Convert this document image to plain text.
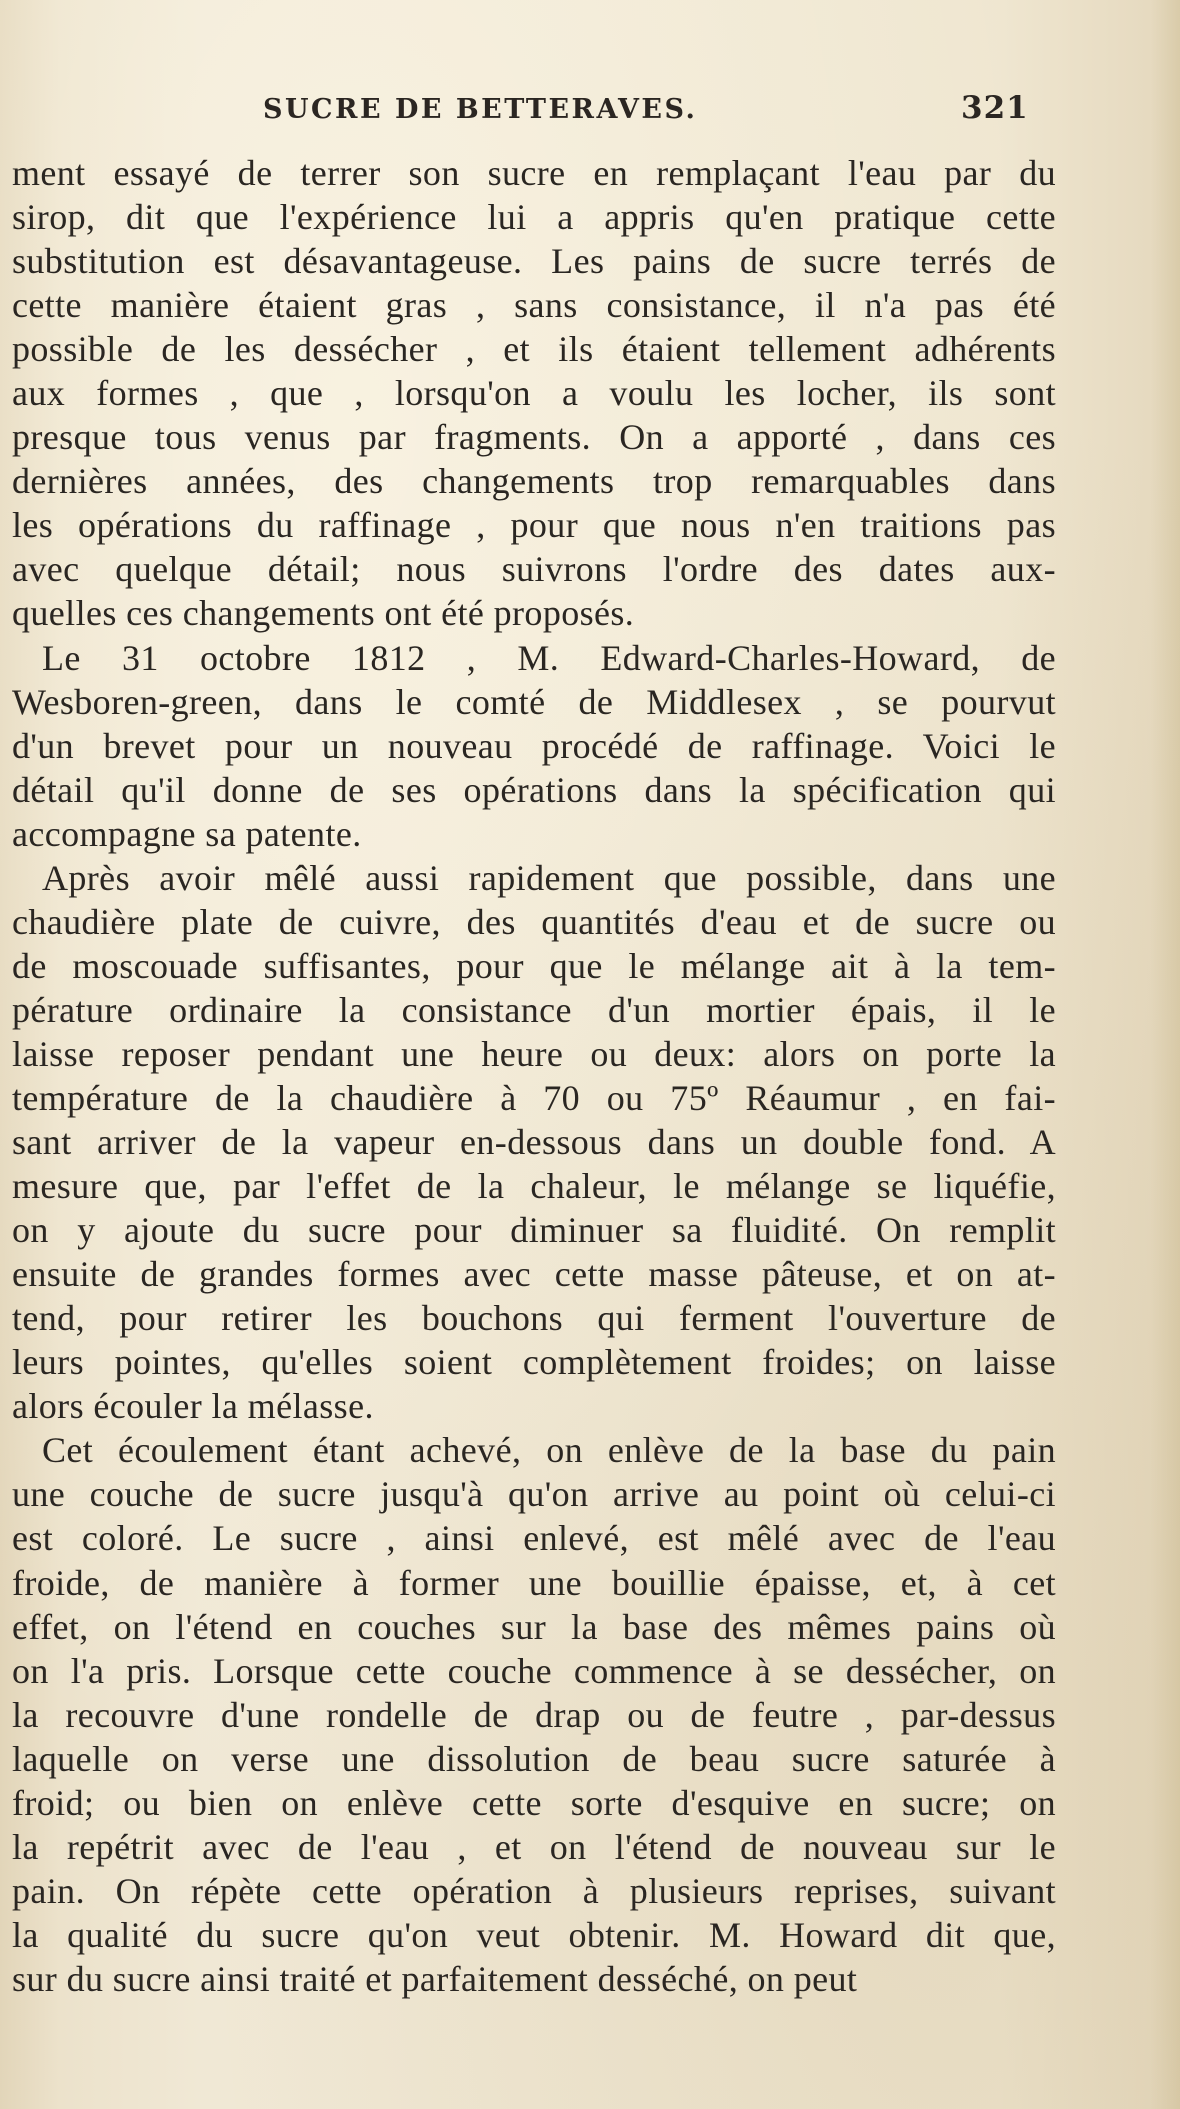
SUCRE DE BETTERAVES.	321
ment essayé de terrer son sucre en remplaçant l'eau par du
sirop, dit que l'expérience lui a appris qu'en pratique cette
substitution est désavantageuse. Les pains de sucre terrés de
cette manière étaient gras , sans consistance, il n'a pas été
possible de les dessécher , et ils étaient tellement adhérents
aux formes , que , lorsqu'on a voulu les locher, ils sont
presque tous venus par fragments. On a apporté , dans ces
dernières années, des changements trop remarquables dans
les opérations du raffinage , pour que nous n'en traitions pas
avec quelque détail; nous suivrons l'ordre des dates aux-
quelles ces changements ont été proposés.
Le 31 octobre 1812 , M. Edward-Charles-Howard, de
Wesboren-green, dans le comté de Middlesex , se pourvut
d'un brevet pour un nouveau procédé de raffinage. Voici le
détail qu'il donne de ses opérations dans la spécification qui
accompagne sa patente.
Après avoir mêlé aussi rapidement que possible, dans une
chaudière plate de cuivre, des quantités d'eau et de sucre ou
de moscouade suffisantes, pour que le mélange ait à la tem-
pérature ordinaire la consistance d'un mortier épais, il le
laisse reposer pendant une heure ou deux: alors on porte la
température de la chaudière à 70 ou 75º Réaumur , en fai-
sant arriver de la vapeur en-dessous dans un double fond. A
mesure que, par l'effet de la chaleur, le mélange se liquéfie,
on y ajoute du sucre pour diminuer sa fluidité. On remplit
ensuite de grandes formes avec cette masse pâteuse, et on at-
tend, pour retirer les bouchons qui ferment l'ouverture de
leurs pointes, qu'elles soient complètement froides; on laisse
alors écouler la mélasse.
Cet écoulement étant achevé, on enlève de la base du pain
une couche de sucre jusqu'à qu'on arrive au point où celui-ci
est coloré. Le sucre , ainsi enlevé, est mêlé avec de l'eau
froide, de manière à former une bouillie épaisse, et, à cet
effet, on l'étend en couches sur la base des mêmes pains où
on l'a pris. Lorsque cette couche commence à se dessécher, on
la recouvre d'une rondelle de drap ou de feutre , par-dessus
laquelle on verse une dissolution de beau sucre saturée à
froid; ou bien on enlève cette sorte d'esquive en sucre; on
la repétrit avec de l'eau , et on l'étend de nouveau sur le
pain. On répète cette opération à plusieurs reprises, suivant
la qualité du sucre qu'on veut obtenir. M. Howard dit que,
sur du sucre ainsi traité et parfaitement desséché, on peut
